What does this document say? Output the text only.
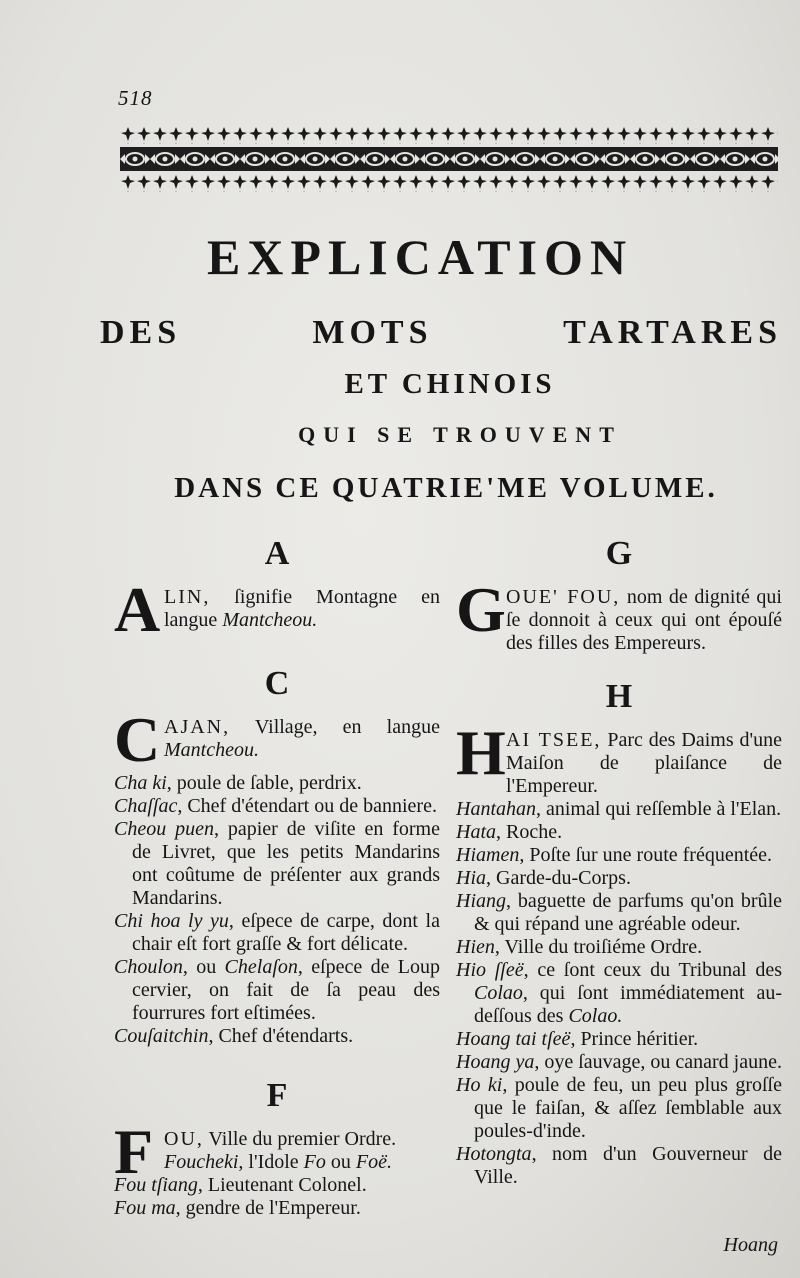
518
EXPLICATION
DES MOTS TARTARES
ET CHINOIS
QUI SE TROUVENT
DANS CE QUATRIE'ME VOLUME.
A
A LIN, ſignifie Montagne en langue Mantcheou.
C
C AJAN, Village, en langue Mantcheou.

Cha ki, poule de ſable, perdrix.

Chaſſac, Chef d'étendart ou de banniere.

Cheou puen, papier de viſite en forme de Livret, que les petits Mandarins ont coûtume de préſenter aux grands Mandarins.

Chi hoa ly yu, eſpece de carpe, dont la chair eſt fort graſſe & fort délicate.

Choulon, ou Chelaſon, eſpece de Loup cervier, on fait de ſa peau des fourrures fort eſtimées.

Couſaitchin, Chef d'étendarts.

F
F OU, Ville du premier Ordre.
Foucheki, l'Idole Fo ou Foë.

Fou tſiang, Lieutenant Colonel.

Fou ma, gendre de l'Empereur.

G
G OUE' FOU, nom de dignité qui ſe donnoit à ceux qui ont épouſé des filles des Empereurs.
H
H AI TSEE, Parc des Daims d'une Maiſon de plaiſance de l'Empereur.

Hantahan, animal qui reſſemble à l'Elan.

Hata, Roche.

Hiamen, Poſte ſur une route fréquentée.

Hia, Garde-du-Corps.

Hiang, baguette de parfums qu'on brûle & qui répand une agréable odeur.

Hien, Ville du troiſiéme Ordre.

Hio ſſeë, ce ſont ceux du Tribunal des Colao, qui ſont immédiatement au-deſſous des Colao.

Hoang tai tſeë, Prince héritier.

Hoang ya, oye ſauvage, ou canard jaune.

Ho ki, poule de feu, un peu plus groſſe que le faiſan, & aſſez ſemblable aux poules-d'inde.

Hotongta, nom d'un Gouverneur de Ville.

Hoang
